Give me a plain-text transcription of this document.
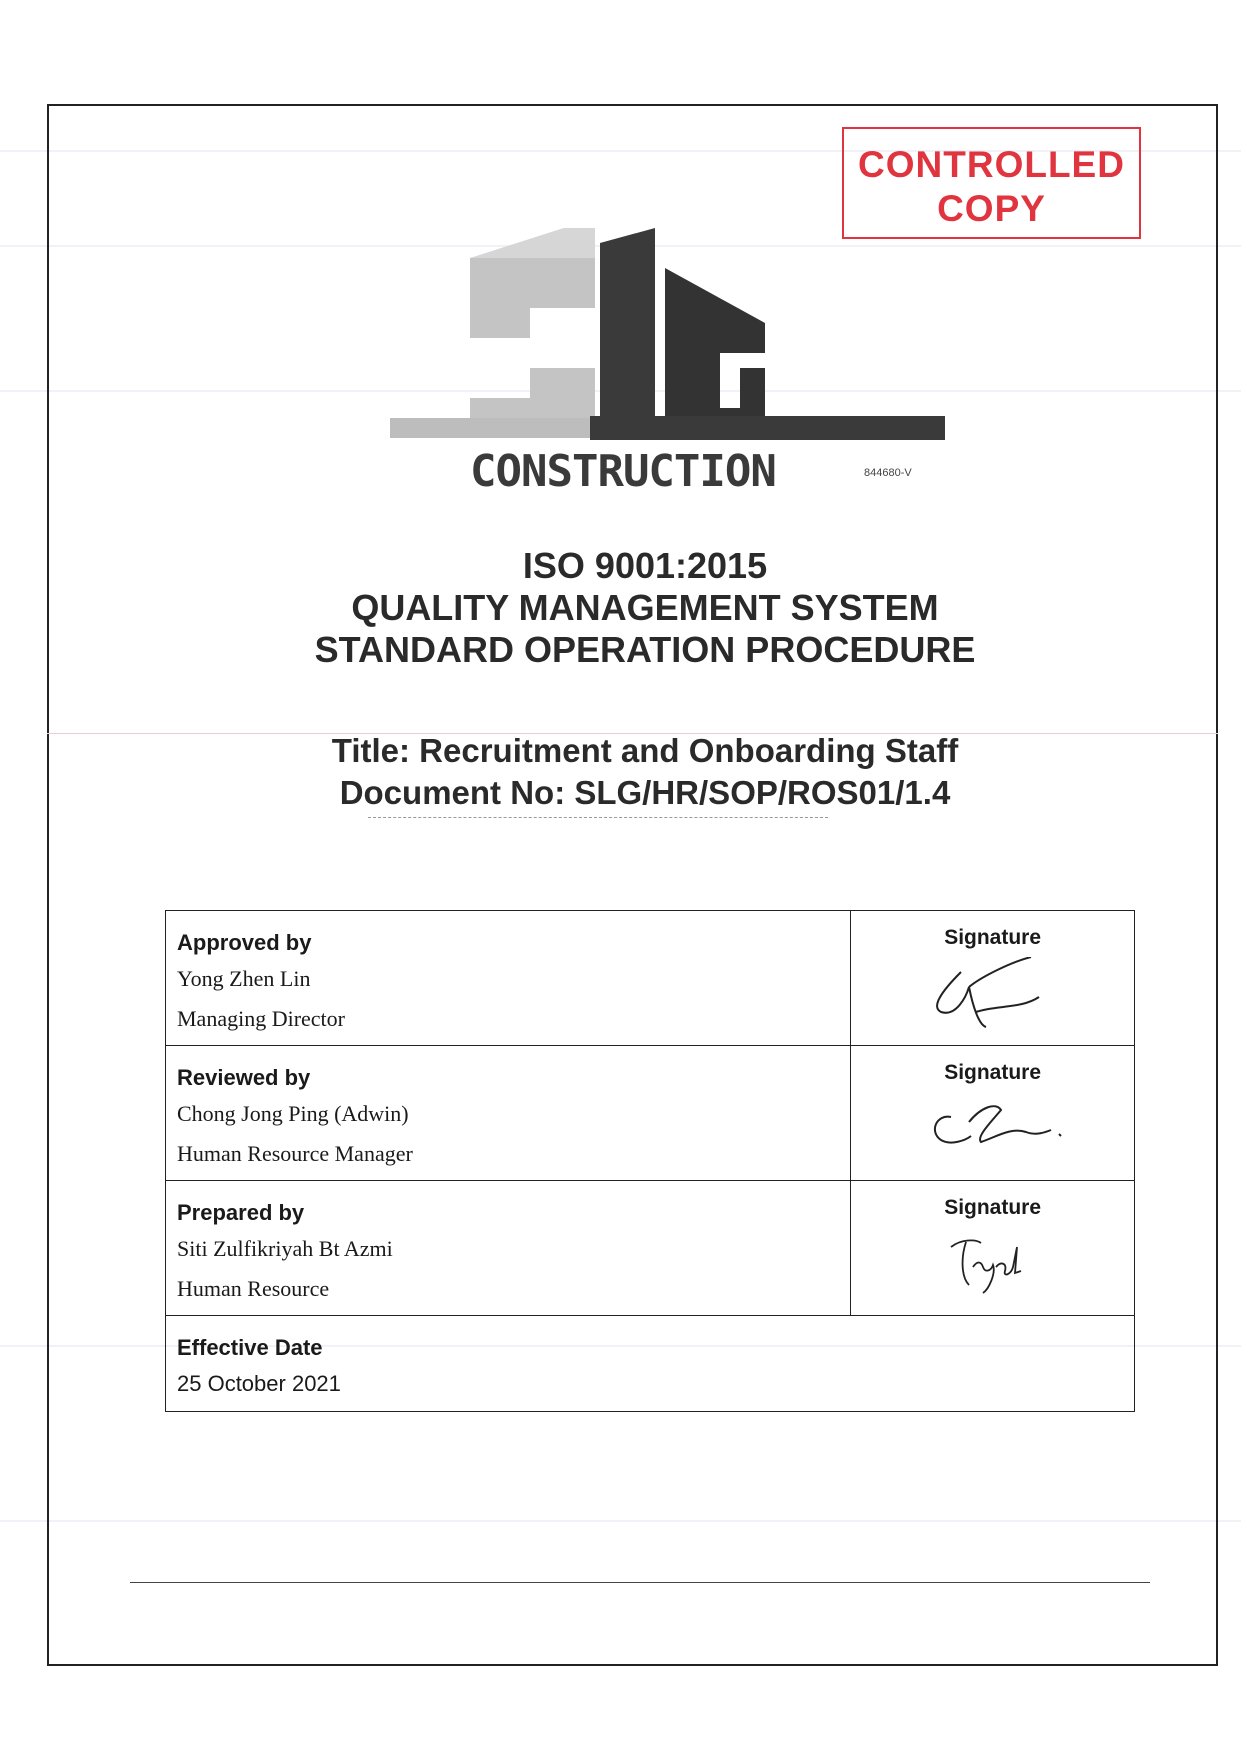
CONTROLLED
COPY
CONSTRUCTION	844680-V
ISO 9001:2015
QUALITY MANAGEMENT SYSTEM
STANDARD OPERATION PROCEDURE
Title: Recruitment and Onboarding Staff
Document No: SLG/HR/SOP/ROS01/1.4
Approved by
Yong Zhen Lin
Managing Director	Signature

Reviewed by
Chong Jong Ping (Adwin)
Human Resource Manager	Signature

Prepared by
Siti Zulfikriyah Bt Azmi
Human Resource	Signature

Effective Date
25 October 2021	
